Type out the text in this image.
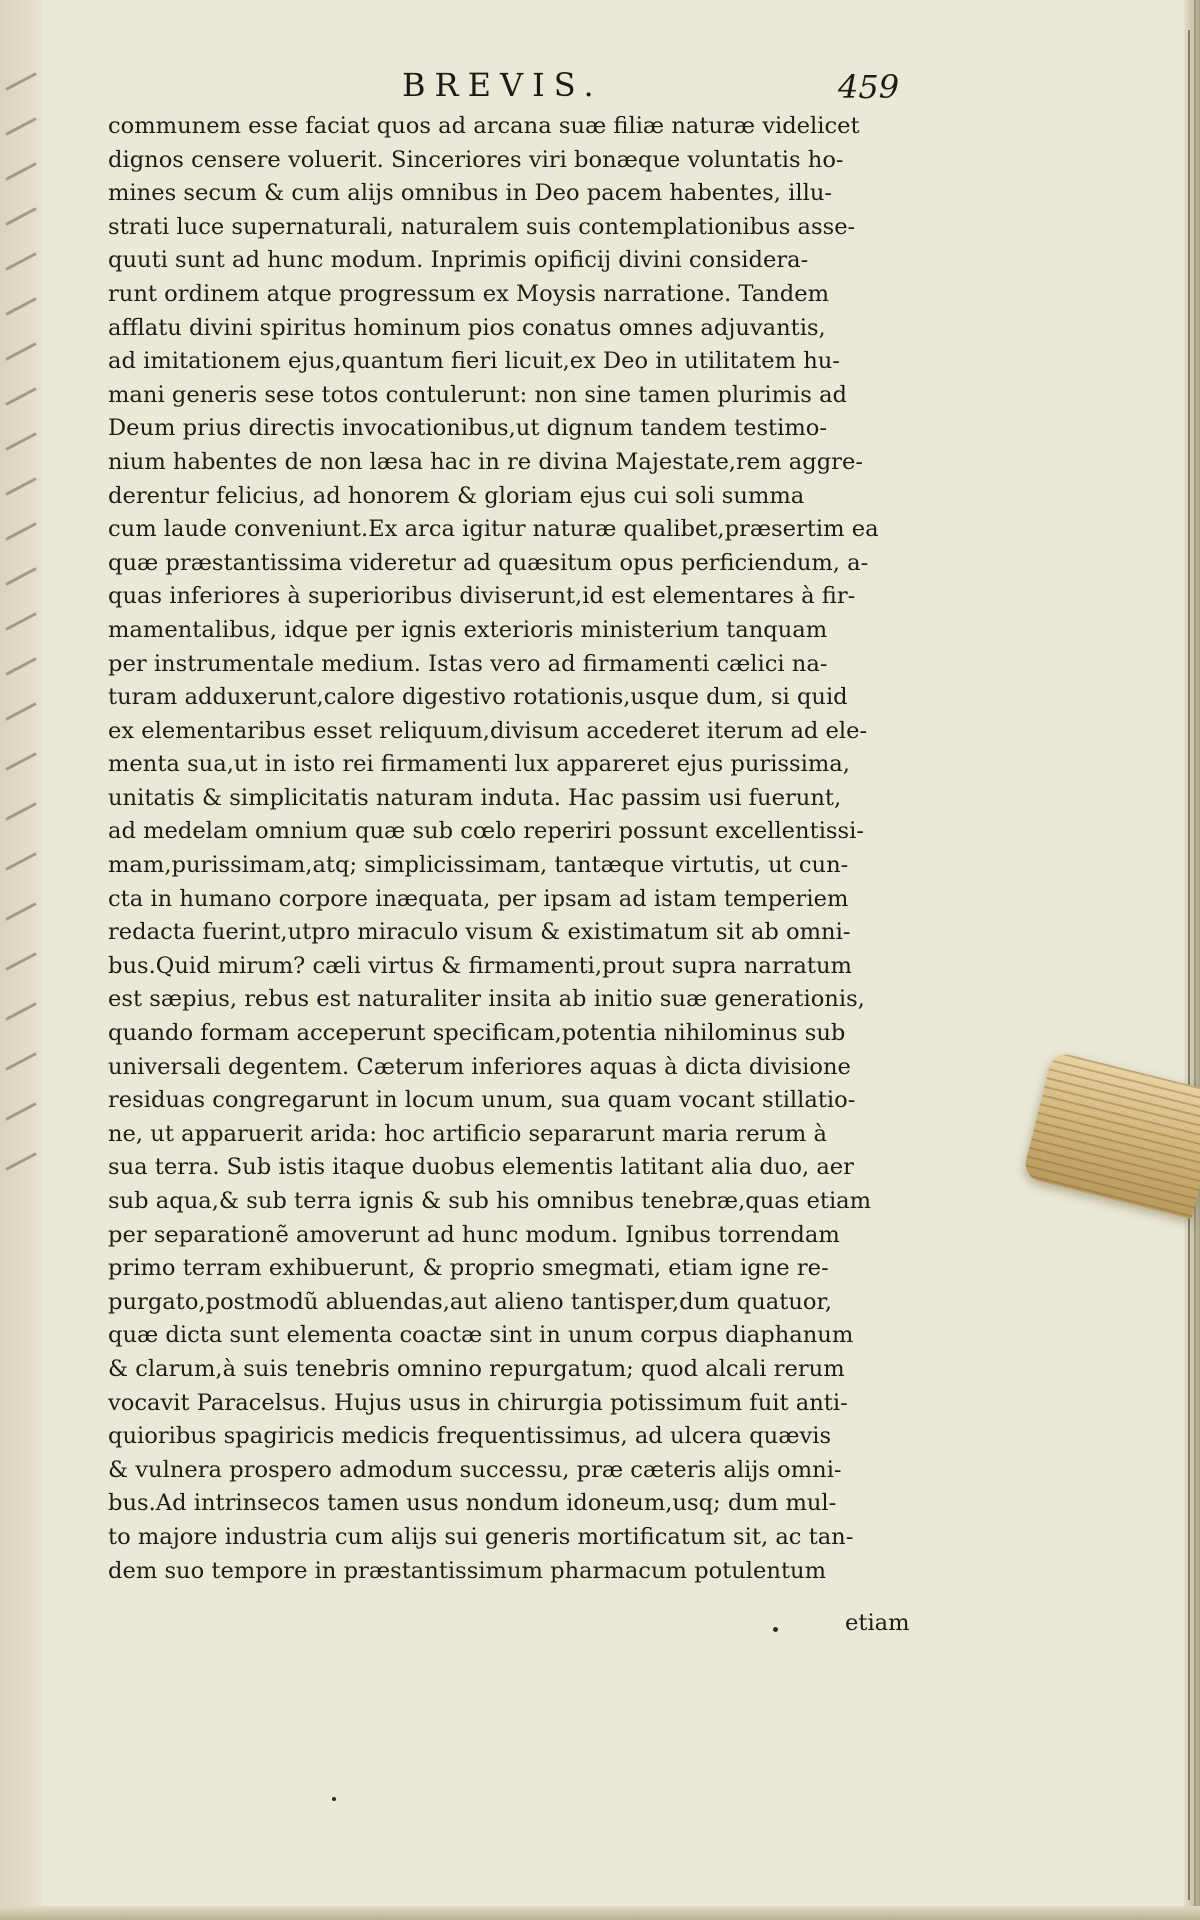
BREVIS.	459
communem esse faciat quos ad arcana suæ filiæ naturæ videlicet
dignos censere voluerit. Sinceriores viri bonæque voluntatis ho-
mines secum & cum alijs omnibus in Deo pacem habentes, illu-
strati luce supernaturali, naturalem suis contemplationibus asse-
quuti sunt ad hunc modum. Inprimis opificij divini considera-
runt ordinem atque progressum ex Moysis narratione. Tandem
afflatu divini spiritus hominum pios conatus omnes adjuvantis,
ad imitationem ejus,quantum fieri licuit,ex Deo in utilitatem hu-
mani generis sese totos contulerunt: non sine tamen plurimis ad
Deum prius directis invocationibus,ut dignum tandem testimo-
nium habentes de non læsa hac in re divina Majestate,rem aggre-
derentur felicius, ad honorem & gloriam ejus cui soli summa
cum laude conveniunt.Ex arca igitur naturæ qualibet,præsertim ea
quæ præstantissima videretur ad quæsitum opus perficiendum, a-
quas inferiores à superioribus diviserunt,id est elementares à fir-
mamentalibus, idque per ignis exterioris ministerium tanquam
per instrumentale medium. Istas vero ad firmamenti cælici na-
turam adduxerunt,calore digestivo rotationis,usque dum, si quid
ex elementaribus esset reliquum,divisum accederet iterum ad ele-
menta sua,ut in isto rei firmamenti lux appareret ejus purissima,
unitatis & simplicitatis naturam induta. Hac passim usi fuerunt,
ad medelam omnium quæ sub cœlo reperiri possunt excellentissi-
mam,purissimam,atq; simplicissimam, tantæque virtutis, ut cun-
cta in humano corpore inæquata, per ipsam ad istam temperiem
redacta fuerint,utpro miraculo visum & existimatum sit ab omni-
bus.Quid mirum? cæli virtus & firmamenti,prout supra narratum
est sæpius, rebus est naturaliter insita ab initio suæ generationis,
quando formam acceperunt specificam,potentia nihilominus sub
universali degentem. Cæterum inferiores aquas à dicta divisione
residuas congregarunt in locum unum, sua quam vocant stillatio-
ne, ut apparuerit arida: hoc artificio separarunt maria rerum à
sua terra. Sub istis itaque duobus elementis latitant alia duo, aer
sub aqua,& sub terra ignis & sub his omnibus tenebræ,quas etiam
per separationẽ amoverunt ad hunc modum. Ignibus torrendam
primo terram exhibuerunt, & proprio smegmati, etiam igne re-
purgato,postmodũ abluendas,aut alieno tantisper,dum quatuor,
quæ dicta sunt elementa coactæ sint in unum corpus diaphanum
& clarum,à suis tenebris omnino repurgatum; quod alcali rerum
vocavit Paracelsus. Hujus usus in chirurgia potissimum fuit anti-
quioribus spagiricis medicis frequentissimus, ad ulcera quævis
& vulnera prospero admodum successu, præ cæteris alijs omni-
bus.Ad intrinsecos tamen usus nondum idoneum,usq; dum mul-
to majore industria cum alijs sui generis mortificatum sit, ac tan-
dem suo tempore in præstantissimum pharmacum potulentum
etiam
